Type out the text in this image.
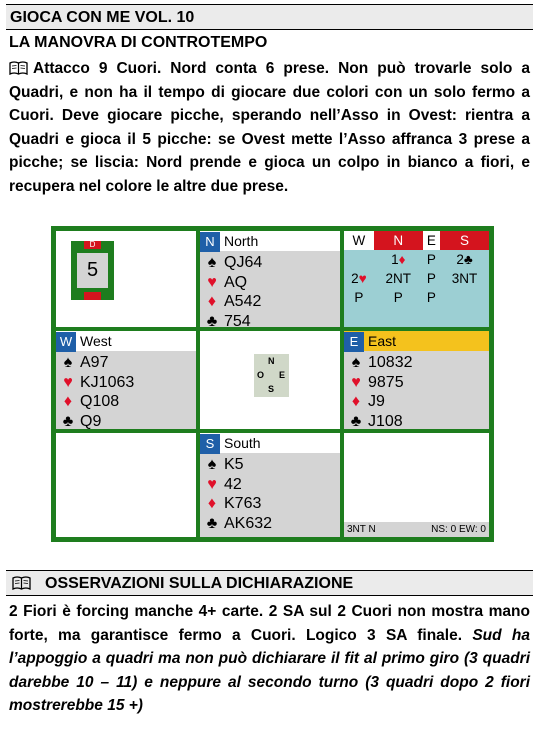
GIOCA CON ME VOL. 10
LA MANOVRA DI CONTROTEMPO
Attacco 9 Cuori. Nord conta 6 prese. Non può trovarle solo a Quadri, e non ha il tempo di giocare due colori con un solo fermo a Cuori. Deve giocare picche, sperando nell’Asso in Ovest: rientra a Quadri e gioca il 5 picche: se Ovest mette l’Asso affranca 3 prese a picche; se liscia: Nord prende e gioca un colpo in bianco a fiori, e recupera nel colore le altre due prese.
D
5
N North
♠ QJ64
♥ AQ
♦ A542
♣ 754
W	N	E	S
	1♦	P	2♣
2♥	2NT	P	3NT
P	P	P	
W West
♠ A97
♥ KJ1063
♦ Q108
♣ Q9
N
O E
S
E East
♠ 10832
♥ 9875
♦ J9
♣ J108
S South
♠ K5
♥ 42
♦ K763
♣ AK632	3NT N	NS: 0 EW: 0
OSSERVAZIONI SULLA DICHIARAZIONE
2 Fiori è forcing manche 4+ carte. 2 SA sul 2 Cuori non mostra mano forte, ma garantisce fermo a Cuori. Logico 3 SA finale. Sud ha l’appoggio a quadri ma non può dichiarare il fit al primo giro (3 quadri darebbe 10 – 11) e neppure al secondo turno (3 quadri dopo 2 fiori mostrerebbe 15 +)
